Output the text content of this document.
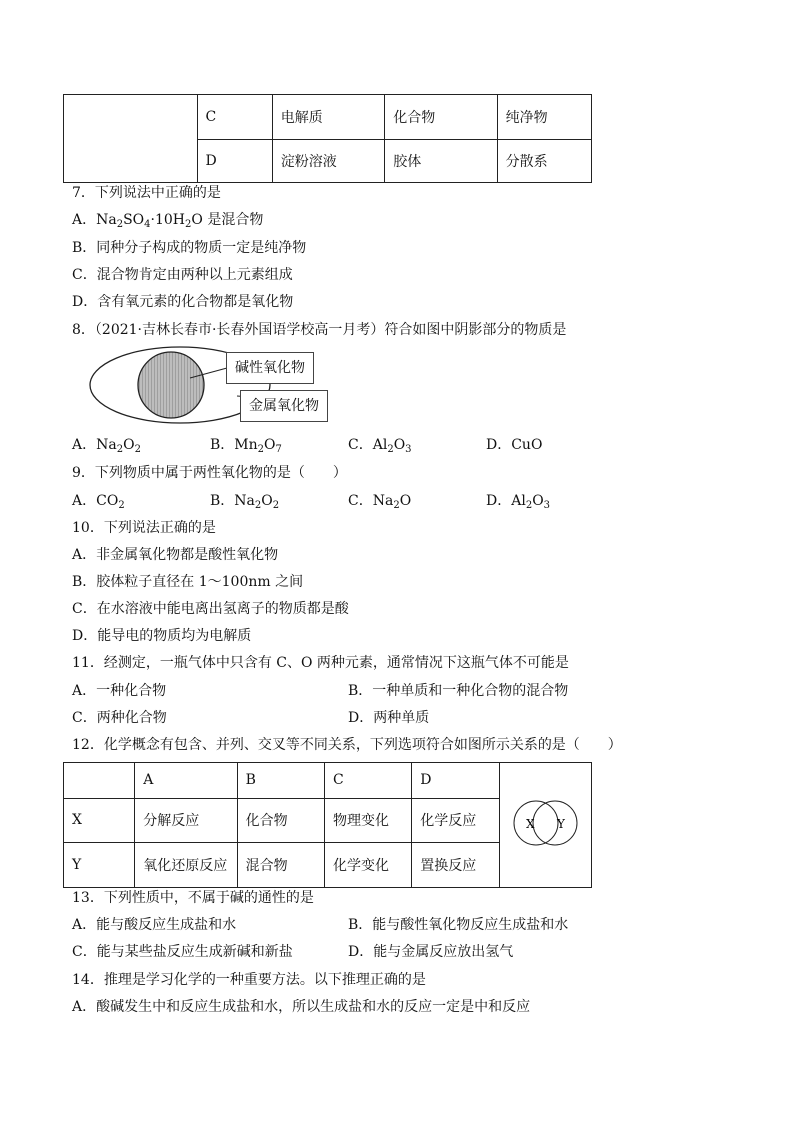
	C	电解质	化合物	纯净物
	D	淀粉溶液	胶体	分散系
7．下列说法中正确的是
A．$Na_2SO_4\cdot 10H_2O$ 是混合物
B．同种分子构成的物质一定是纯净物
C．混合物肯定由两种以上元素组成
D．含有氧元素的化合物都是氧化物
8．（2021·吉林长春市·长春外国语学校高一月考）符合如图中阴影部分的物质是
碱性氧化物
金属氧化物
A．$Na_2O_2$	B．$Mn_2O_7$	C．$Al_2O_3$	D．CuO
9．下列物质中属于两性氧化物的是（　　）
A．$CO_2$	B．$Na_2O_2$	C．$Na_2O$	D．$Al_2O_3$
10．下列说法正确的是
A．非金属氧化物都是酸性氧化物
B．胶体粒子直径在 1～100nm 之间
C．在水溶液中能电离出氢离子的物质都是酸
D．能导电的物质均为电解质
11．经测定，一瓶气体中只含有 C、O 两种元素，通常情况下这瓶气体不可能是
A．一种化合物	B．一种单质和一种化合物的混合物
C．两种化合物	D．两种单质
12．化学概念有包含、并列、交叉等不同关系，下列选项符合如图所示关系的是（　　）
	A	B	C	D	X Y

X	分解反应	化合物	物理变化	化学反应	
Y	氧化还原反应	混合物	化学变化	置换反应	
13．下列性质中，不属于碱的通性的是
A．能与酸反应生成盐和水	B．能与酸性氧化物反应生成盐和水
C．能与某些盐反应生成新碱和新盐	D．能与金属反应放出氢气
14．推理是学习化学的一种重要方法。以下推理正确的是
A．酸碱发生中和反应生成盐和水，所以生成盐和水的反应一定是中和反应
